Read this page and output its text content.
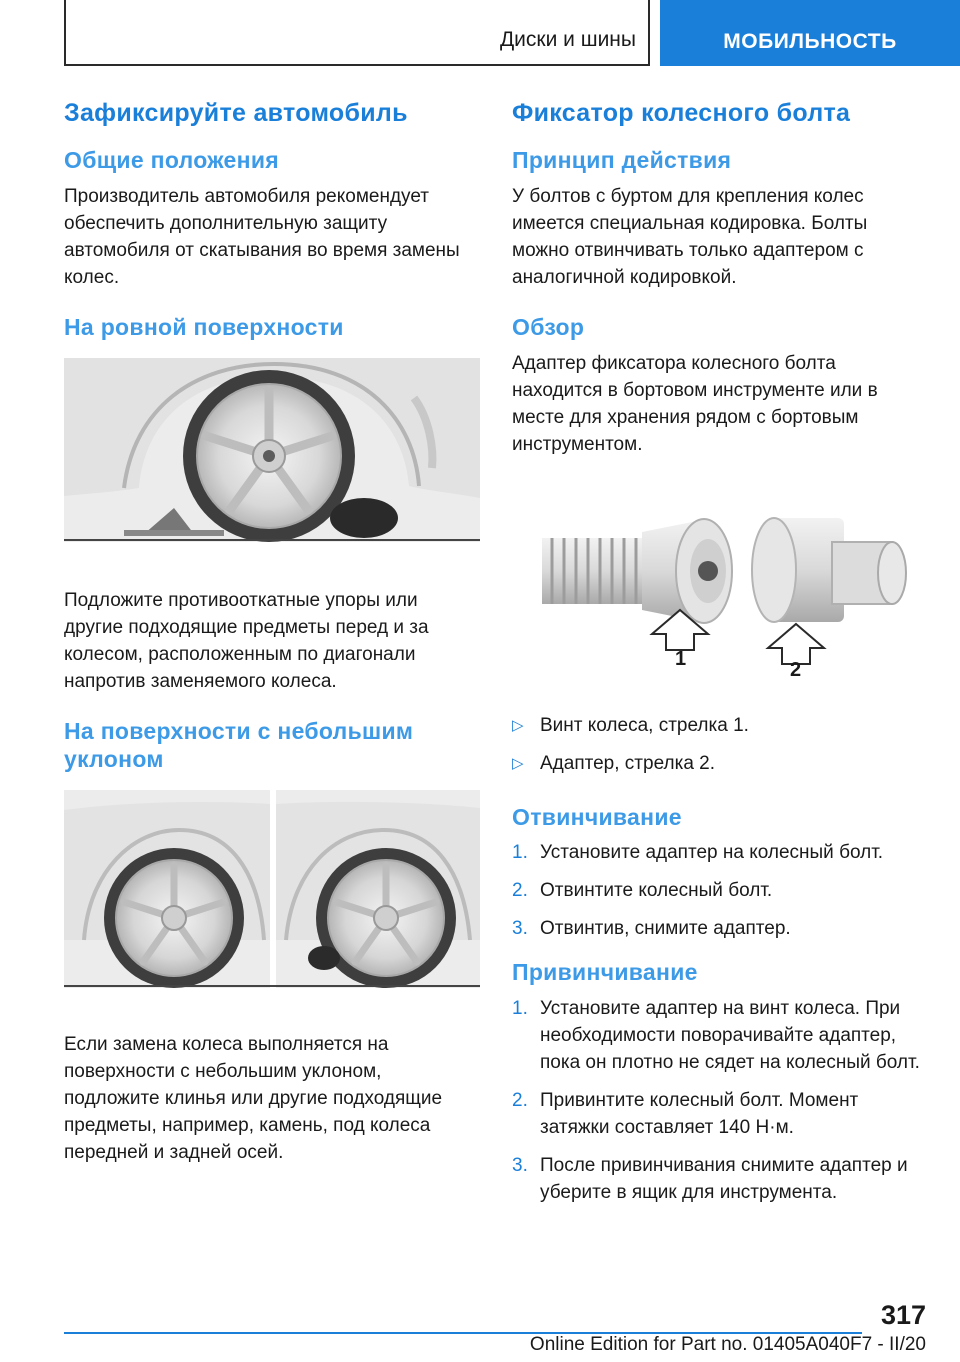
Диски и шины	МОБИЛЬНОСТЬ
Зафиксируйте автомобиль
Общие положения

Производитель автомобиля рекомендует обеспечить дополнительную защиту автомобиля от скатывания во время замены колес.

На ровной поверхности

Подложите противооткатные упоры или другие подходящие предметы перед и за колесом, расположенным по диагонали напротив заменяемого колеса.

На поверхности с небольшим уклоном

Если замена колеса выполняется на поверхности с небольшим уклоном, подложите клинья или другие подходящие предметы, например, камень, под колеса передней и задней осей.

Фиксатор колесного болта
Принцип действия

У болтов с буртом для крепления колес имеется специальная кодировка. Болты можно отвинчивать только адаптером с аналогичной кодировкой.

Обзор

Адаптер фиксатора колесного болта находится в бортовом инструменте или в месте для хранения рядом с бортовым инструментом.

1	2
▷ Винт колеса, стрелка 1.
▷ Адаптер, стрелка 2.
Отвинчивание
1. Установите адаптер на колесный болт.
2. Отвинтите колесный болт.
3. Отвинтив, снимите адаптер.
Привинчивание
1. Установите адаптер на винт колеса. При необходимости поворачивайте адаптер, пока он плотно не сядет на колесный болт.
2. Привинтите колесный болт. Момент затяжки составляет 140 Н·м.
3. После привинчивания снимите адаптер и уберите в ящик для инструмента.
317
Online Edition for Part no. 01405A040F7 - II/20
